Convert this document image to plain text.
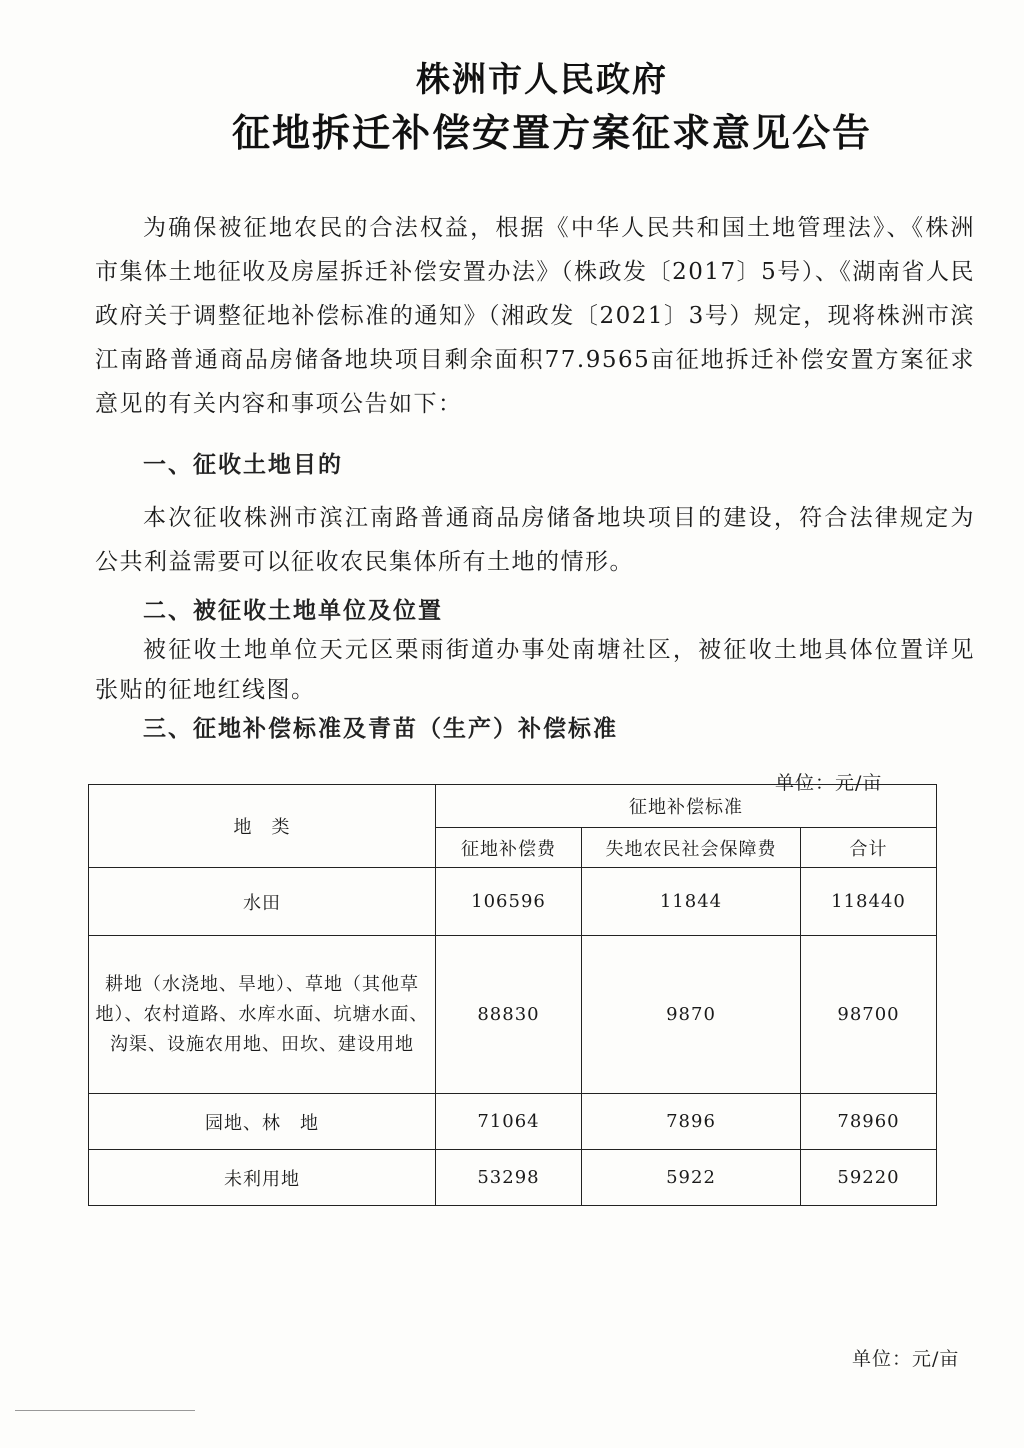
株洲市人民政府
征地拆迁补偿安置方案征求意见公告

为确保被征地农民的合法权益，根据《中华人民共和国土地管理法》、《株洲市集体土地征收及房屋拆迁补偿安置办法》（株政发〔2017〕5号）、《湖南省人民政府关于调整征地补偿标准的通知》（湘政发〔2021〕3号）规定，现将株洲市滨江南路普通商品房储备地块项目剩余面积77.9565亩征地拆迁补偿安置方案征求意见的有关内容和事项公告如下：

一、征收土地目的

本次征收株洲市滨江南路普通商品房储备地块项目的建设，符合法律规定为公共利益需要可以征收农民集体所有土地的情形。

二、被征收土地单位及位置

被征收土地单位天元区栗雨街道办事处南塘社区，被征收土地具体位置详见张贴的征地红线图。

三、征地补偿标准及青苗（生产）补偿标准
单位：元/亩
地　类	征地补偿标准		
	征地补偿费	失地农民社会保障费	合计
水田	106596	11844	118440
耕地（水浇地、旱地）、草地（其他草地）、农村道路、水库水面、坑塘水面、沟渠、设施农用地、田坎、建设用地	88830	9870	98700
园地、林　地	71064	7896	78960
未利用地	53298	5922	59220
单位：元/亩
